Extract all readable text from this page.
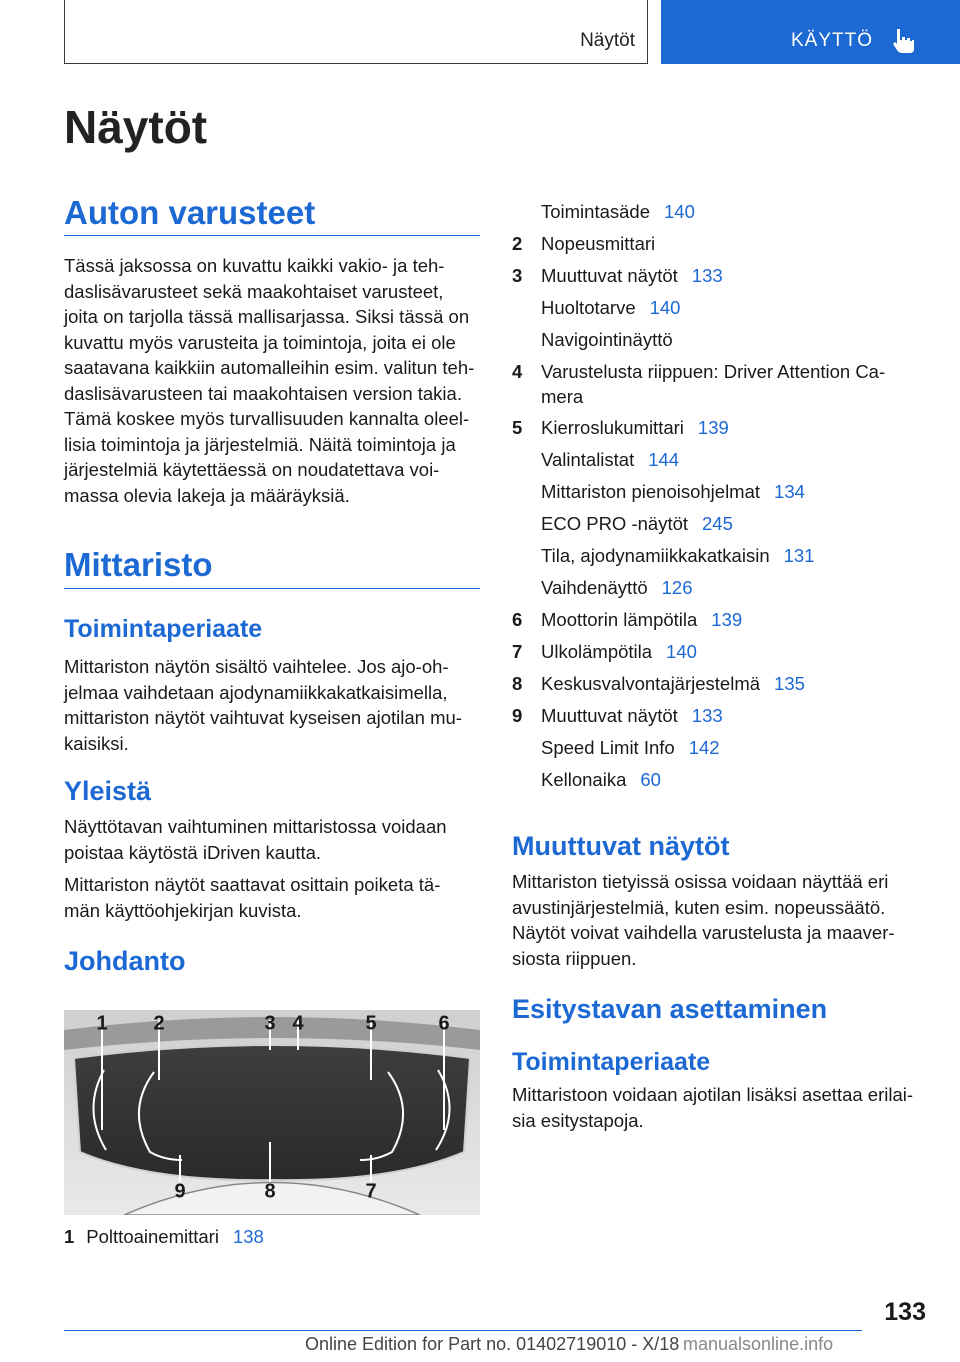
Näytöt	KÄYTTÖ
Näytöt
Auton varusteet

Tässä jaksossa on kuvattu kaikki vakio- ja teh-
daslisävarusteet sekä maakohtaiset varusteet,
joita on tarjolla tässä mallisarjassa. Siksi tässä on
kuvattu myös varusteita ja toimintoja, joita ei ole
saatavana kaikkiin automalleihin esim. valitun teh-
daslisävarusteen tai maakohtaisen version takia.
Tämä koskee myös turvallisuuden kannalta oleel-
lisia toimintoja ja järjestelmiä. Näitä toimintoja ja
järjestelmiä käytettäessä on noudatettava voi-
massa olevia lakeja ja määräyksiä.

Mittaristo
Toimintaperiaate

Mittariston näytön sisältö vaihtelee. Jos ajo-oh-
jelmaa vaihdetaan ajodynamiikkakatkaisimella,
mittariston näytöt vaihtuvat kyseisen ajotilan mu-
kaisiksi.

Yleistä

Näyttötavan vaihtuminen mittaristossa voidaan
poistaa käytöstä iDriven kautta.

Mittariston näytöt saattavat osittain poiketa tä-
män käyttöohjekirjan kuvista.

Johdanto
1 2	3 4	5	6
9	8	7
1 Polttoainemittari 138
Toimintasäde 140
2 Nopeusmittari
3 Muuttuvat näytöt 133
Huoltotarve 140
Navigointinäyttö
4 Varustelusta riippuen: Driver Attention Ca-
mera
5 Kierroslukumittari 139
Valintalistat 144
Mittariston pienoisohjelmat 134
ECO PRO -näytöt 245
Tila, ajodynamiikkakatkaisin 131
Vaihdenäyttö 126
6 Moottorin lämpötila 139
7 Ulkolämpötila 140
8 Keskusvalvontajärjestelmä 135
9 Muuttuvat näytöt 133
Speed Limit Info 142
Kellonaika 60
Muuttuvat näytöt

Mittariston tietyissä osissa voidaan näyttää eri
avustinjärjestelmiä, kuten esim. nopeussäätö.
Näytöt voivat vaihdella varustelusta ja maaver-
siosta riippuen.

Esitystavan asettaminen
Toimintaperiaate

Mittaristoon voidaan ajotilan lisäksi asettaa erilai-
sia esitystapoja.

133
Online Edition for Part no. 01402719010 - X/18 manualsonline.info
